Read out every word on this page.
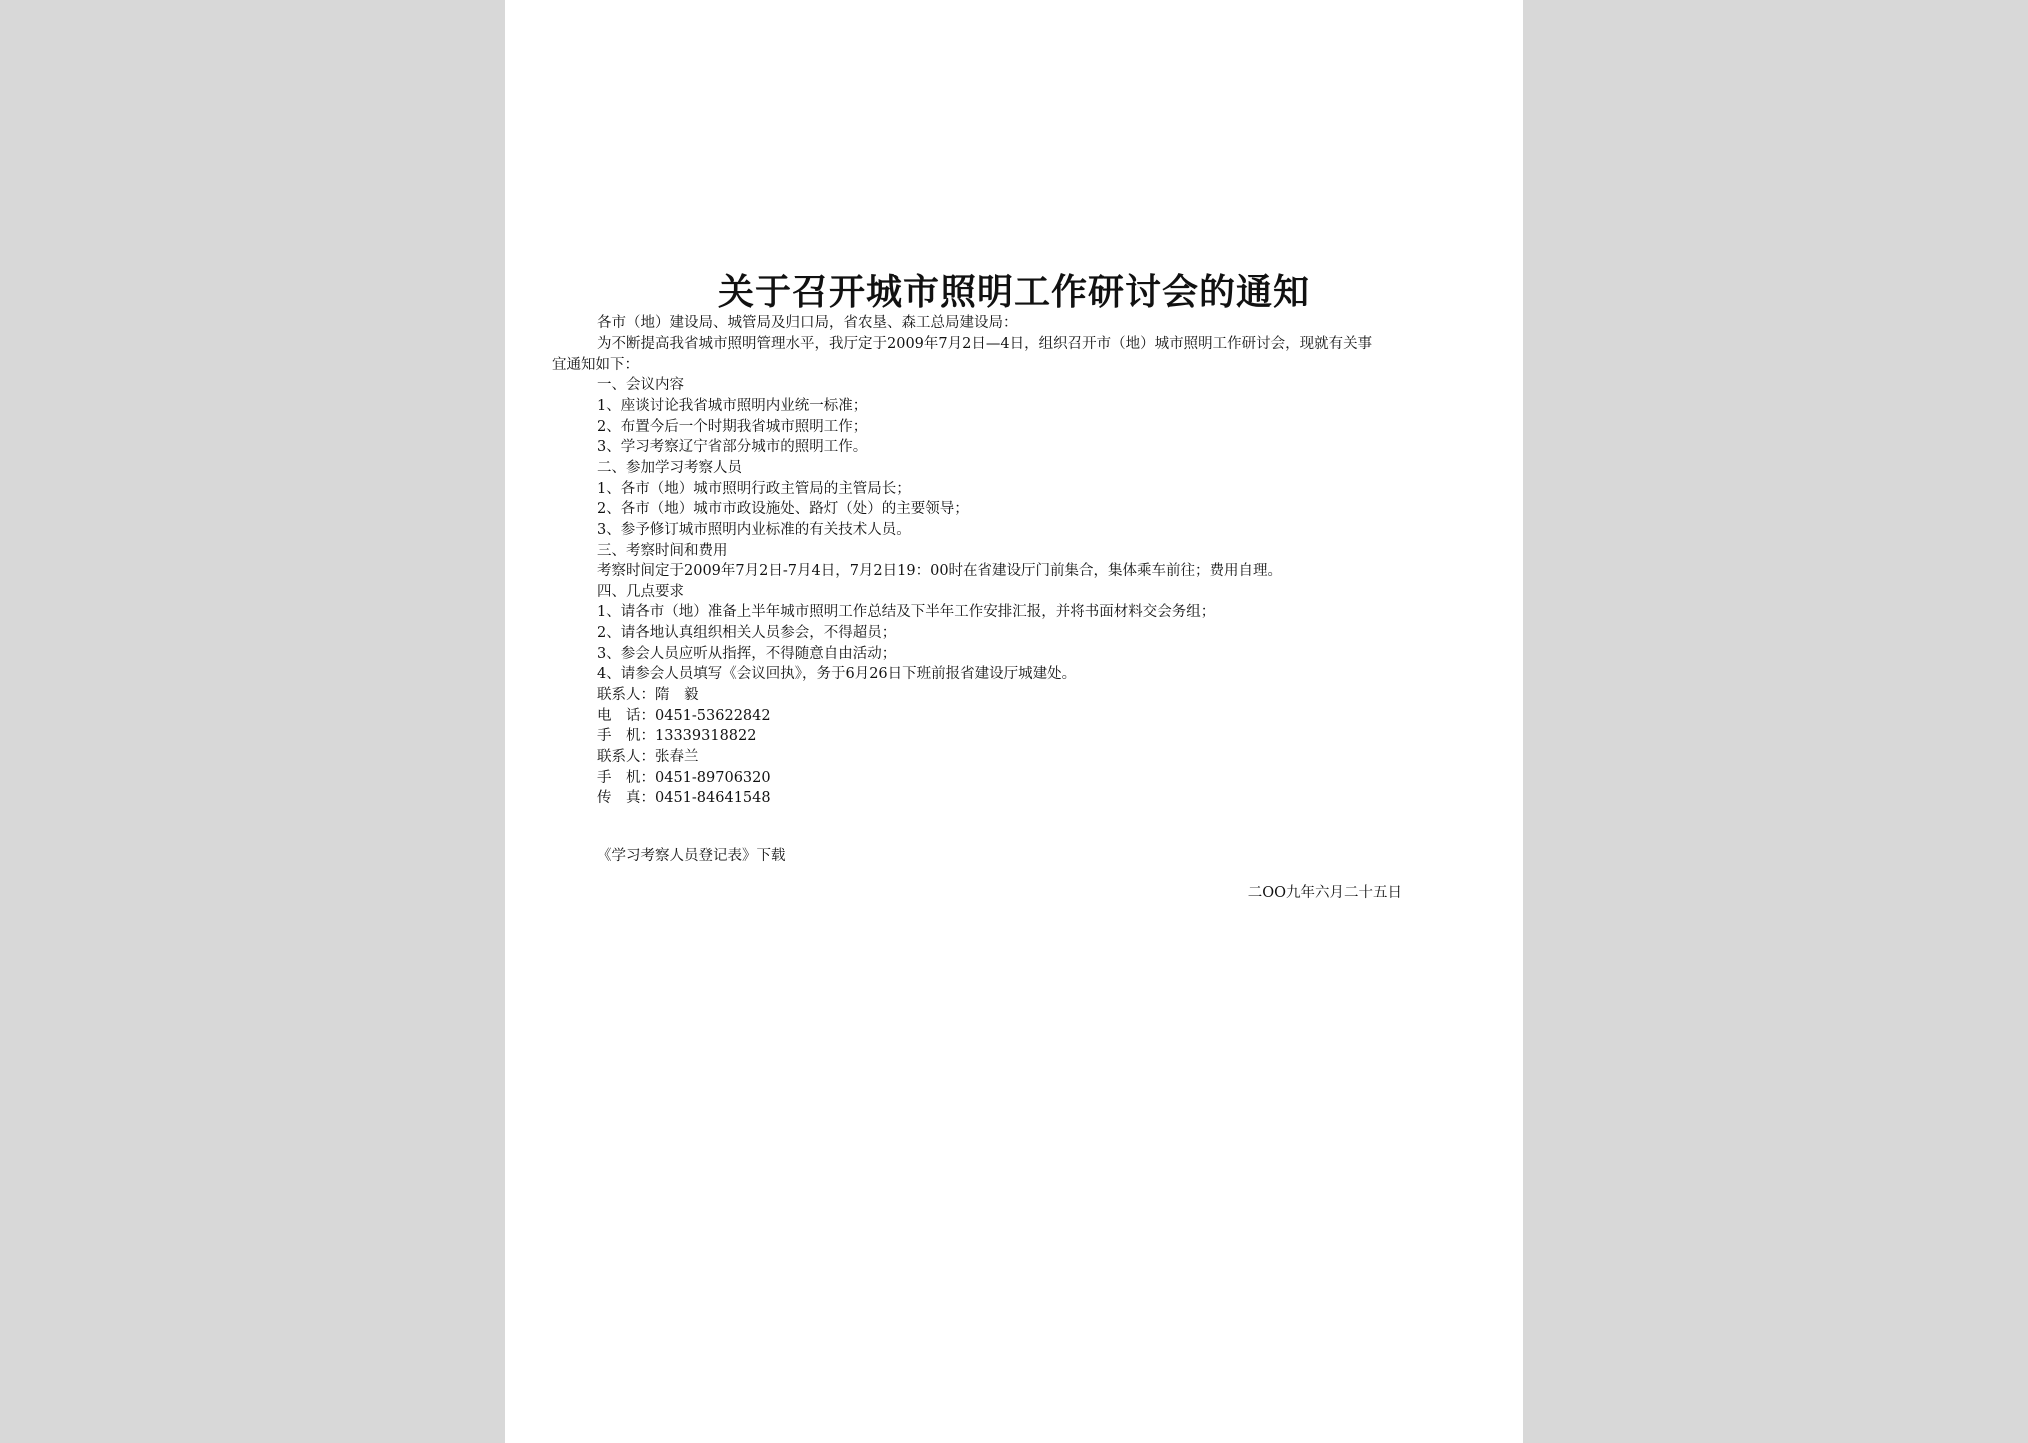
关于召开城市照明工作研讨会的通知

各市（地）建设局、城管局及归口局，省农垦、森工总局建设局：

为不断提高我省城市照明管理水平，我厅定于2009年7月2日—4日，组织召开市（地）城市照明工作研讨会，现就有关事

宜通知如下：

一、会议内容

1、座谈讨论我省城市照明内业统一标准；

2、布置今后一个时期我省城市照明工作；

3、学习考察辽宁省部分城市的照明工作。

二、参加学习考察人员

1、各市（地）城市照明行政主管局的主管局长；

2、各市（地）城市市政设施处、路灯（处）的主要领导；

3、参予修订城市照明内业标准的有关技术人员。

三、考察时间和费用

考察时间定于2009年7月2日-7月4日，7月2日19：00时在省建设厅门前集合，集体乘车前往；费用自理。

四、几点要求

1、请各市（地）准备上半年城市照明工作总结及下半年工作安排汇报，并将书面材料交会务组；

2、请各地认真组织相关人员参会，不得超员；

3、参会人员应听从指挥，不得随意自由活动；

4、请参会人员填写《会议回执》，务于6月26日下班前报省建设厅城建处。

联系人：隋　毅

电　话：0451-53622842

手　机：13339318822

联系人：张春兰

手　机：0451-89706320

传　真：0451-84641548

《学习考察人员登记表》下载

二OO九年六月二十五日
